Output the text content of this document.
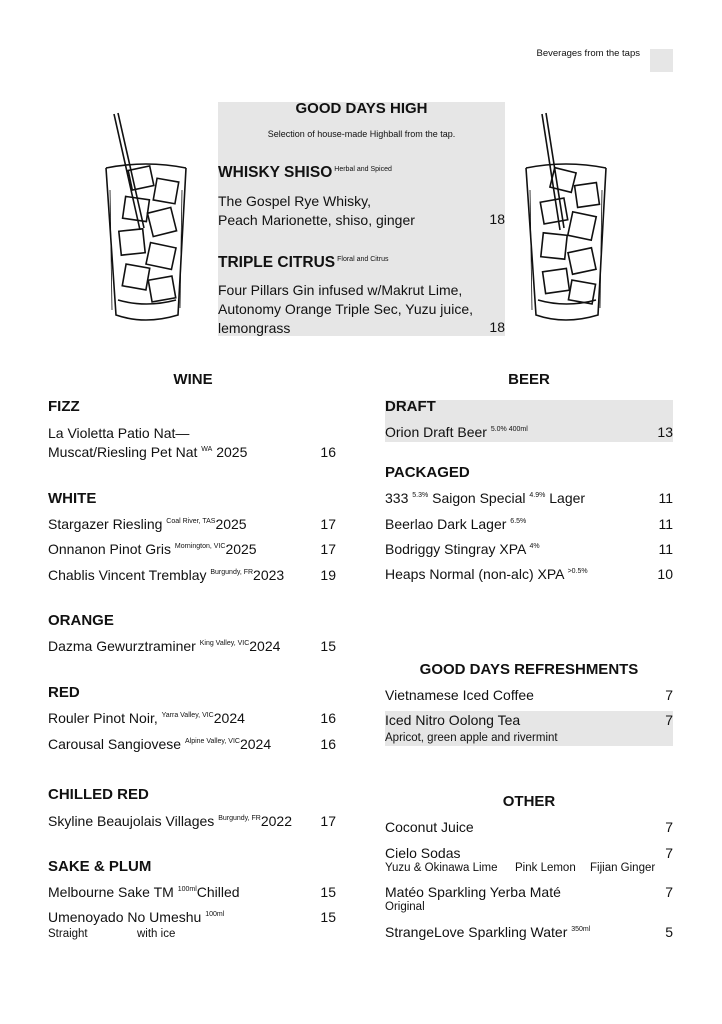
Beverages from the taps
GOOD DAYS HIGH
Selection of house-made Highball from the tap.
WHISKY SHISO $^{Herbal and Spiced}$
The Gospel Rye Whisky,
Peach Marionette, shiso, ginger	18
TRIPLE CITRUS $^{Floral and Citrus}$
Four Pillars Gin infused w/Makrut Lime,
Autonomy Orange Triple Sec, Yuzu juice,
lemongrass	18
WINE
FIZZ
La Violetta Patio Nat—
Muscat/Riesling Pet Nat $^{WA}$ 2025	16
WHITE
Stargazer Riesling $^{Coal River, TAS}$2025	17
Onnanon Pinot Gris $^{Mornington, VIC}$2025	17
Chablis Vincent Tremblay $^{Burgundy, FR}$2023	19
ORANGE
Dazma Gewurztraminer $^{King Valley, VIC}$2024	15
RED
Rouler Pinot Noir, $^{Yarra Valley, VIC}$2024	16
Carousal Sangiovese $^{Alpine Valley, VIC}$2024	16
CHILLED RED
Skyline Beaujolais Villages $^{Burgundy, FR}$2022	17
SAKE & PLUM
Melbourne Sake TM $^{100ml}$Chilled	15
Umenoyado No Umeshu $^{100ml}$	15
Straight	with ice
BEER
DRAFT
Orion Draft Beer $^{5.0\% 400ml}$	13
PACKAGED
333 $^{5.3\%}$ Saigon Special $^{4.9\%}$ Lager	11
Beerlao Dark Lager $^{6.5\%}$	11
Bodriggy Stingray XPA $^{4\%}$	11
Heaps Normal (non-alc) XPA $^{>0.5\%}$	10
GOOD DAYS REFRESHMENTS
Vietnamese Iced Coffee	7
Iced Nitro Oolong Tea	7
Apricot, green apple and rivermint
OTHER
Coconut Juice	7
Cielo Sodas	7
Yuzu & Okinawa Lime Pink Lemon Fijian Ginger
Matéo Sparkling Yerba Maté	7
Original
StrangeLove Sparkling Water $^{350ml}$	5
